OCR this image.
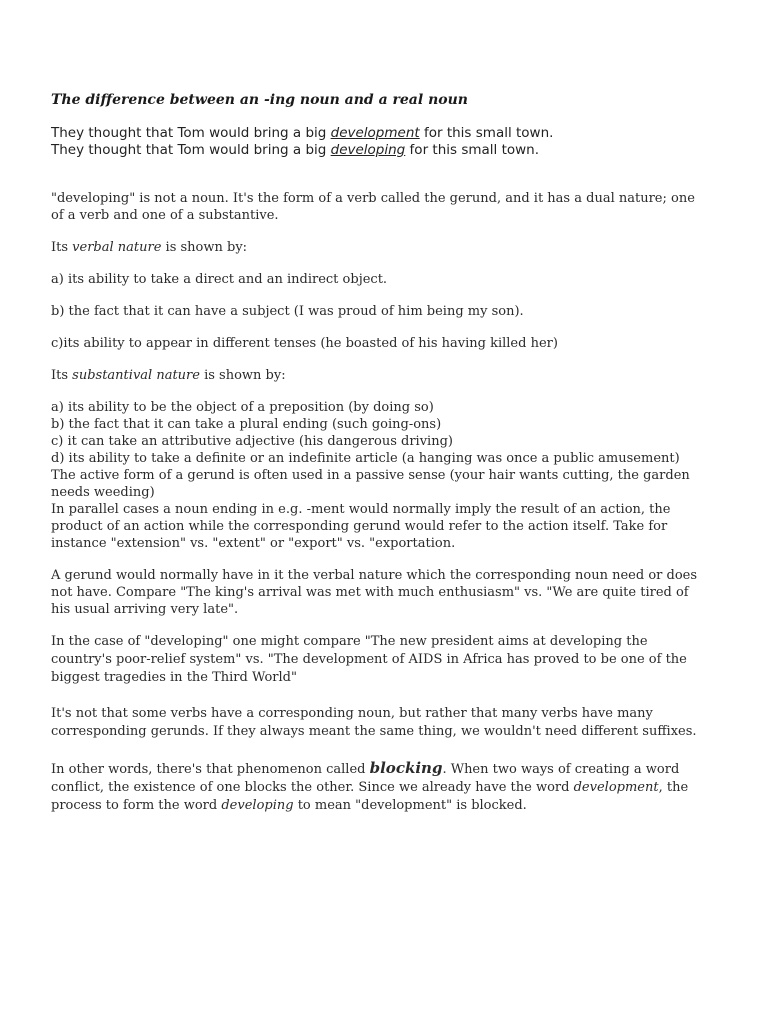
The difference between an -ing noun and a real noun
They thought that Tom would bring a big development for this small town.
They thought that Tom would bring a big developing for this small town.

"developing" is not a noun. It's the form of a verb called the gerund, and it has a dual nature; one of a verb and one of a substantive.

Its verbal nature is shown by:

a) its ability to take a direct and an indirect object.

b) the fact that it can have a subject (I was proud of him being my son).

c)its ability to appear in different tenses (he boasted of his having killed her)

Its substantival nature is shown by:

a) its ability to be the object of a preposition (by doing so)

b) the fact that it can take a plural ending (such going-ons)

c) it can take an attributive adjective (his dangerous driving)

d) its ability to take a definite or an indefinite article (a hanging was once a public amusement)

The active form of a gerund is often used in a passive sense (your hair wants cutting, the garden needs weeding)

In parallel cases a noun ending in e.g. -ment would normally imply the result of an action, the product of an action while the corresponding gerund would refer to the action itself. Take for instance "extension" vs. "extent" or "export" vs. "exportation.

A gerund would normally have in it the verbal nature which the corresponding noun need or does not have. Compare "The king's arrival was met with much enthusiasm" vs. "We are quite tired of his usual arriving very late".

In the case of "developing" one might compare "The new president aims at developing the country's poor-relief system" vs. "The development of AIDS in Africa has proved to be one of the biggest tragedies in the Third World"

It's not that some verbs have a corresponding noun, but rather that many verbs have many corresponding gerunds. If they always meant the same thing, we wouldn't need different suffixes.

In other words, there's that phenomenon called blocking. When two ways of creating a word conflict, the existence of one blocks the other. Since we already have the word development, the process to form the word developing to mean "development" is blocked.
